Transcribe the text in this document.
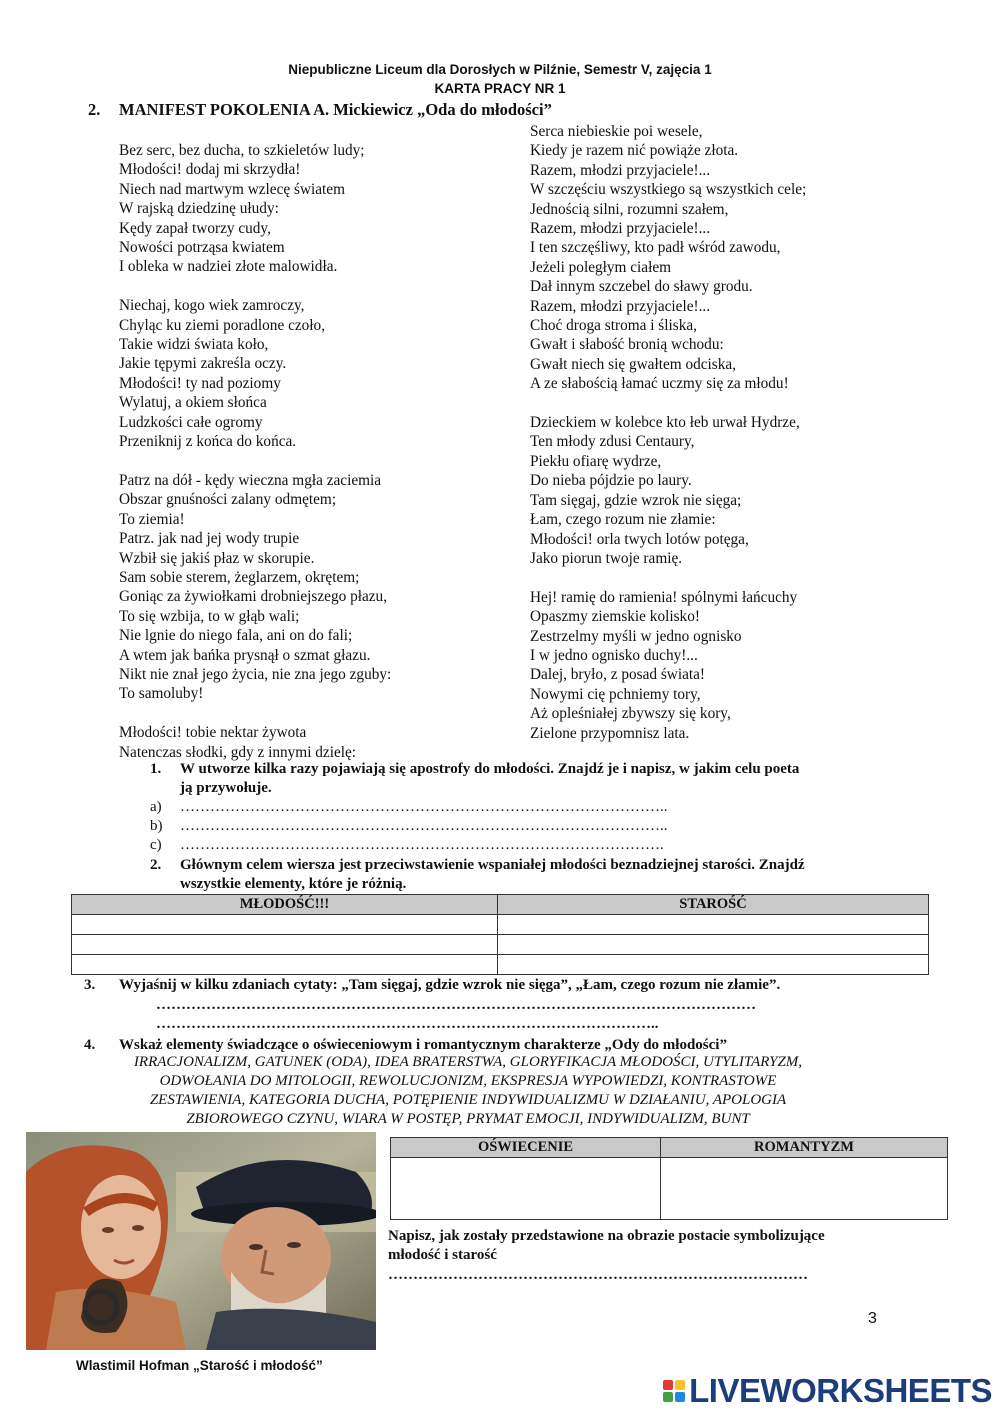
Niepubliczne Liceum dla Dorosłych w Pilźnie, Semestr V, zajęcia 1
KARTA PRACY NR 1
2. MANIFEST POKOLENIA A. Mickiewicz „Oda do młodości”
Bez serc, bez ducha, to szkieletów ludy;
Młodości! dodaj mi skrzydła!
Niech nad martwym wzlecę światem
W rajską dziedzinę ułudy:
Kędy zapał tworzy cudy,
Nowości potrząsa kwiatem
I obleka w nadziei złote malowidła.
Niechaj, kogo wiek zamroczy,
Chyląc ku ziemi poradlone czoło,
Takie widzi świata koło,
Jakie tępymi zakreśla oczy.
Młodości! ty nad poziomy
Wylatuj, a okiem słońca
Ludzkości całe ogromy
Przeniknij z końca do końca.
Patrz na dół - kędy wieczna mgła zaciemia
Obszar gnuśności zalany odmętem;
To ziemia!
Patrz. jak nad jej wody trupie
Wzbił się jakiś płaz w skorupie.
Sam sobie sterem, żeglarzem, okrętem;
Goniąc za żywiołkami drobniejszego płazu,
To się wzbija, to w głąb wali;
Nie lgnie do niego fala, ani on do fali;
A wtem jak bańka prysnął o szmat głazu.
Nikt nie znał jego życia, nie zna jego zguby:
To samoluby!
Młodości! tobie nektar żywota
Natenczas słodki, gdy z innymi dzielę:
Serca niebieskie poi wesele,
Kiedy je razem nić powiąże złota.
Razem, młodzi przyjaciele!...
W szczęściu wszystkiego są wszystkich cele;
Jednością silni, rozumni szałem,
Razem, młodzi przyjaciele!...
I ten szczęśliwy, kto padł wśród zawodu,
Jeżeli poległym ciałem
Dał innym szczebel do sławy grodu.
Razem, młodzi przyjaciele!...
Choć droga stroma i śliska,
Gwałt i słabość bronią wchodu:
Gwałt niech się gwałtem odciska,
A ze słabością łamać uczmy się za młodu!
Dzieckiem w kolebce kto łeb urwał Hydrze,
Ten młody zdusi Centaury,
Piekłu ofiarę wydrze,
Do nieba pójdzie po laury.
Tam sięgaj, gdzie wzrok nie sięga;
Łam, czego rozum nie złamie:
Młodości! orla twych lotów potęga,
Jako piorun twoje ramię.
Hej! ramię do ramienia! spólnymi łańcuchy
Opaszmy ziemskie kolisko!
Zestrzelmy myśli w jedno ognisko
I w jedno ognisko duchy!...
Dalej, bryło, z posad świata!
Nowymi cię pchniemy tory,
Aż opleśniałej zbywszy się kory,
Zielone przypomnisz lata.
1. W utworze kilka razy pojawiają się apostrofy do młodości. Znajdź je i napisz, w jakim celu poeta
ją przywołuje.
a) ……………………………………………………………………………………..
b) ……………………………………………………………………………………..
c) …………………………………………………………………………………….
2. Głównym celem wiersza jest przeciwstawienie wspaniałej młodości beznadziejnej starości. Znajdź
wszystkie elementy, które je różnią.
MŁODOŚĆ!!!	STAROŚĆ

3. Wyjaśnij w kilku zdaniach cytaty: „Tam sięgaj, gdzie wzrok nie sięga”, „Łam, czego rozum nie złamie”.
…………………………………………………………………………………………………………
………………………………………………………………………………………..
4. Wskaż elementy świadczące o oświeceniowym i romantycznym charakterze „Ody do młodości”
IRRACJONALIZM, GATUNEK (ODA), IDEA BRATERSTWA, GLORYFIKACJA MŁODOŚCI, UTYLITARYZM,
ODWOŁANIA DO MITOLOGII, REWOLUCJONIZM, EKSPRESJA WYPOWIEDZI, KONTRASTOWE
ZESTAWIENIA, KATEGORIA DUCHA, POTĘPIENIE INDYWIDUALIZMU W DZIAŁANIU, APOLOGIA
ZBIOROWEGO CZYNU, WIARA W POSTĘP, PRYMAT EMOCJI, INDYWIDUALIZM, BUNT
OŚWIECENIE	ROMANTYZM

Napisz, jak zostały przedstawione na obrazie postacie symbolizujące
młodość i starość
…………………………………………………………………………
3
Wlastimil Hofman „Starość i młodość”
LIVEWORKSHEETS
